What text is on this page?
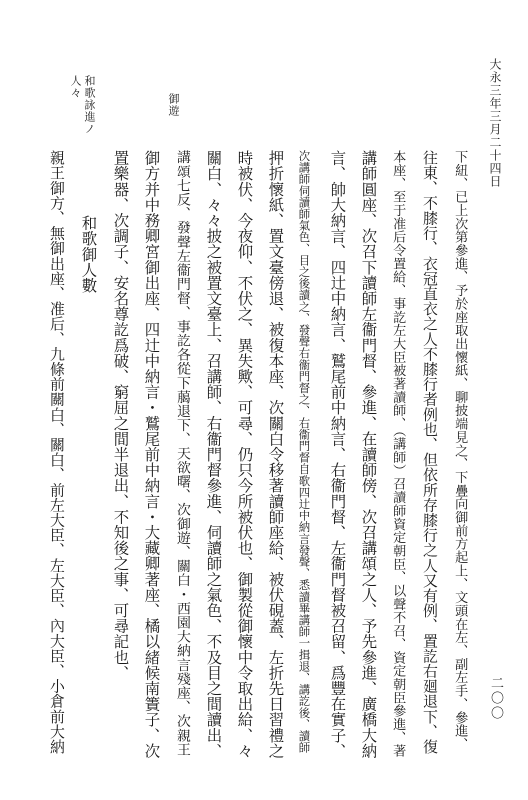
大永三年三月二十四日
二〇〇
御遊
和歌詠進ノ
人々
下紐、已上次第參進、予於座取出懷紙、聊披端見之、下疊向御前方起上、文頭在左、副左手、參進、
往東、不膝行、衣冠直衣之人不膝行者例也、但依所存膝行之人又有例、置訖右廻退下、復
本座、至于准后令置給、事訖左大臣被著讀師、（講師）召讀師資定朝臣、以聲不召、資定朝臣參進、著
講師圓座、次召下讀師左衞門督、參進、在讀師傍、次召講頌之人、予先參進、廣橋大納
言、帥大納言、四辻中納言、鷲尾前中納言、右衞門督、左衞門督被召留、爲豐在實子、
次講師伺讀師氣色、目之後讀之、發聲右衞門督之、右衞門督自歌四辻中納言發聲、悉讀畢講師一揖退、講訖後、讀師
押折懷紙、置文臺傍退、被復本座、次關白令移著讀師座給、被伏硯蓋、左折先日習禮之
時被伏、今夜仰、不伏之、異失歟、可尋、仍只今所被伏也、御製從御懷中令取出給、々
關白、々々披之被置文臺上、召講師、右衞門督參進、伺讀師之氣色、不及目之間讀出、
講頌七反、發聲左衞門督、事訖各從下﨟退下、天欲曙、次御遊、關白・西園大納言殘座、次親王
御方并中務卿宮御出座、四辻中納言・鷲尾前中納言・大藏卿著座、橘以緒候南簀子、次
置樂器、次調子、安名尊訖爲破、窮屈之間半退出、不知後之事、可尋記也、
和歌御人數
親王御方、無御出座、准后、九條前關白、關白、前左大臣、左大臣、內大臣、小倉前大納
